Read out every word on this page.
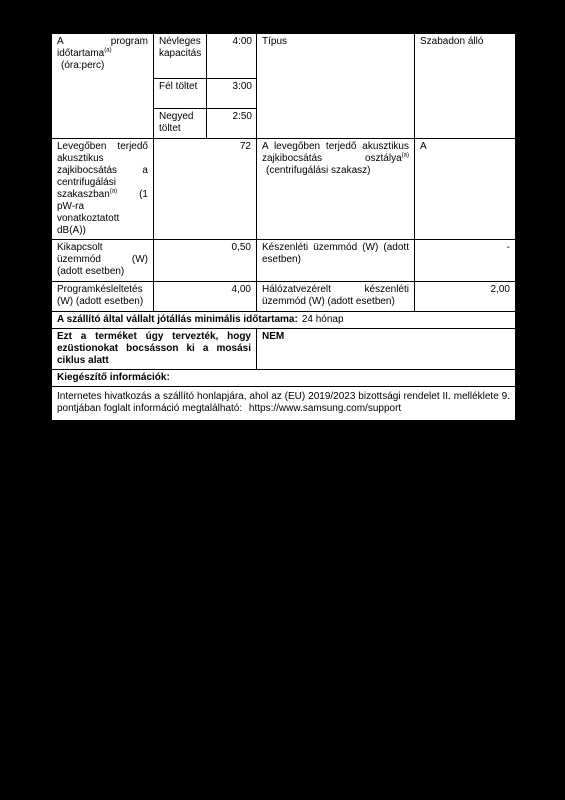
A program időtartama$^{(a)}$ (óra:perc)	
Névleges kapacitás	4:00
Fél töltet	3:00
Negyed töltet	2:50
	Típus	Szabadon álló
Levegőben terjedő akusztikus zajkibocsátás a centrifugálási szakaszban$^{(a)}$ (1 pW-ra vonatkoztatott dB(A))	72	A levegőben terjedő akusztikus zajkibocsátás osztálya$^{(a)}$ (centrifugálási szakasz)	A
Kikapcsolt üzemmód (W) (adott esetben)	0,50	Készenléti üzemmód (W) (adott esetben)	-
Programkésleltetés (W) (adott esetben)	4,00	Hálózatvezérelt készenléti üzemmód (W) (adott esetben)	2,00
A szállító által vállalt jótállás minimális időtartama: 24 hónap
Ezt a terméket úgy tervezték, hogy ezüstionokat bocsásson ki a mosási ciklus alatt	NEM
Kiegészítő információk:
Internetes hivatkozás a szállító honlapjára, ahol az (EU) 2019/2023 bizottsági rendelet II. melléklete 9. pontjában foglalt információ megtalálható: https://www.samsung.com/support
